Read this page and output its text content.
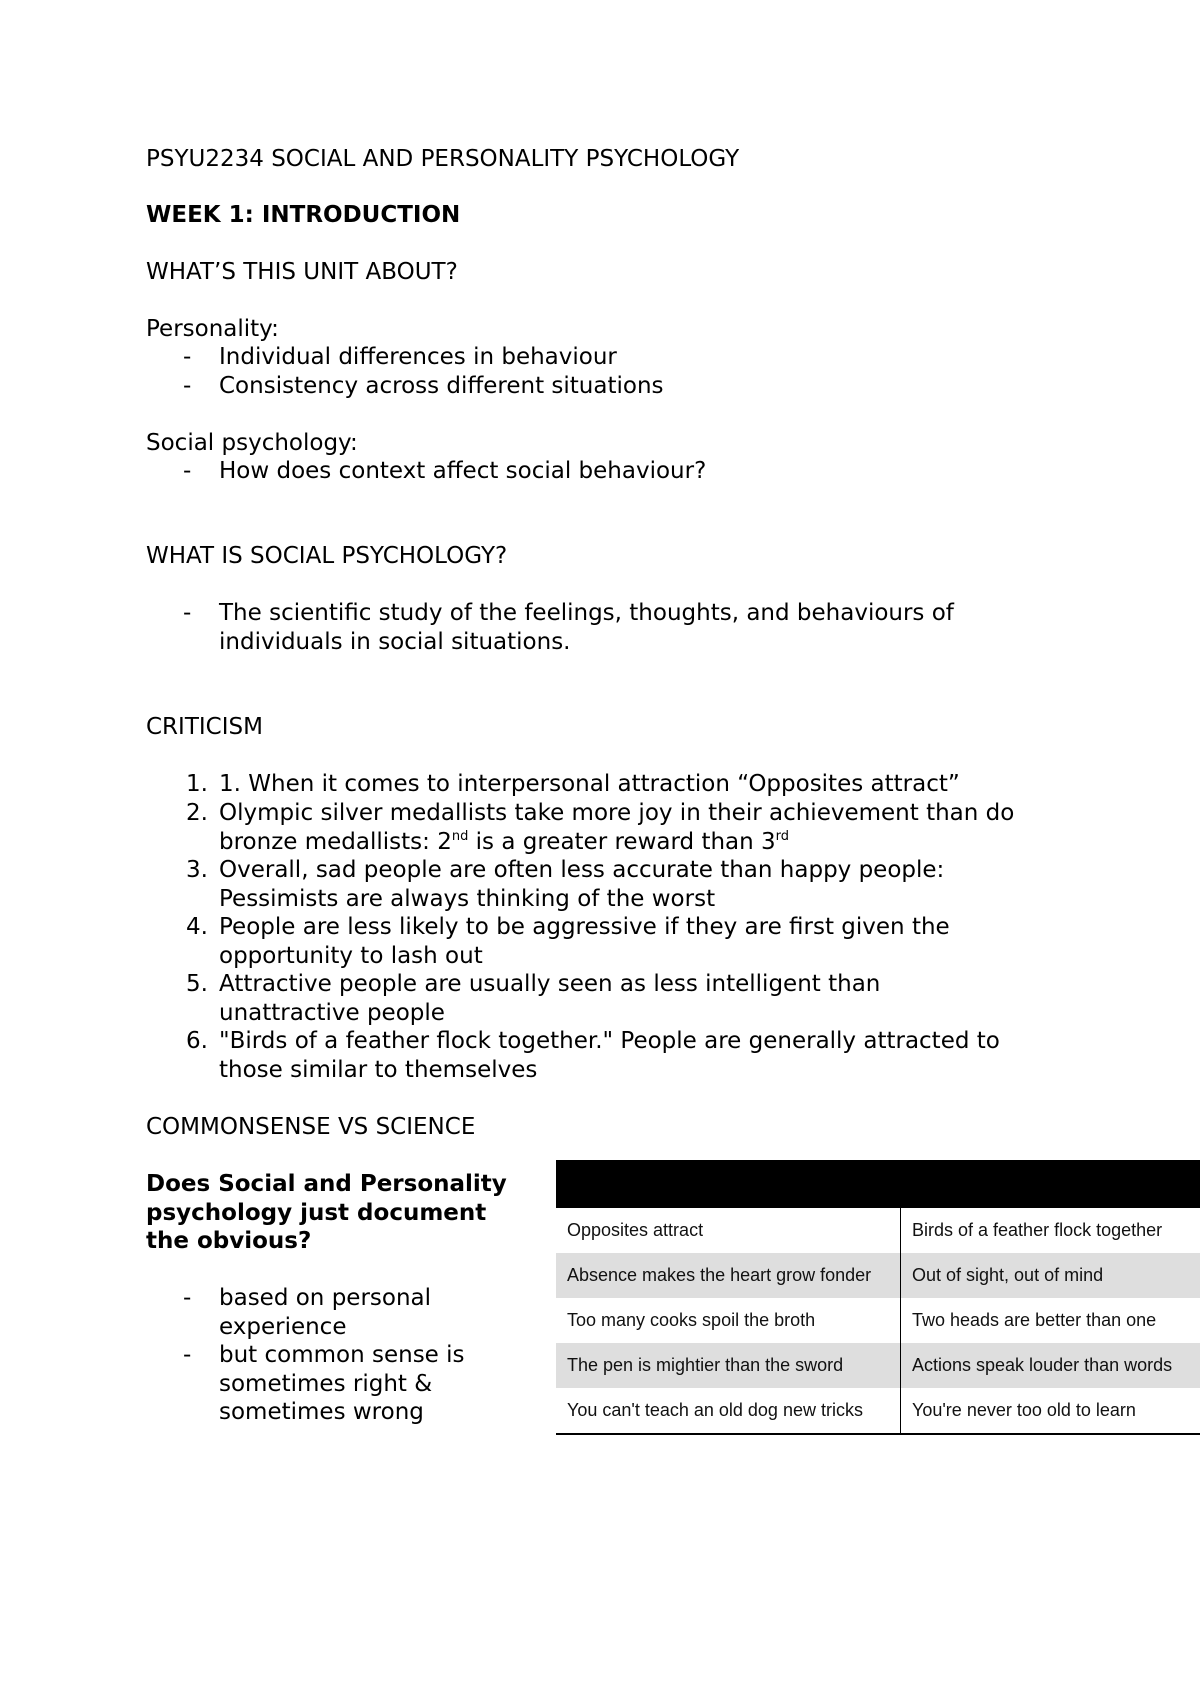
PSYU2234 SOCIAL AND PERSONALITY PSYCHOLOGY

WEEK 1: INTRODUCTION

WHAT’S THIS UNIT ABOUT?

Personality:

- Individual differences in behaviour

- Consistency across different situations

Social psychology:

- How does context affect social behaviour?

WHAT IS SOCIAL PSYCHOLOGY?

- The scientific study of the feelings, thoughts, and behaviours of

individuals in social situations.

CRITICISM

1. 1. When it comes to interpersonal attraction “Opposites attract”

2. Olympic silver medallists take more joy in their achievement than do

bronze medallists: 2nd is a greater reward than 3rd

3. Overall, sad people are often less accurate than happy people:

Pessimists are always thinking of the worst

4. People are less likely to be aggressive if they are first given the

opportunity to lash out

5. Attractive people are usually seen as less intelligent than

unattractive people

6. "Birds of a feather flock together." People are generally attracted to

those similar to themselves

COMMONSENSE VS SCIENCE

Does Social and Personality

psychology just document

the obvious?

- based on personal

experience

- but common sense is

sometimes right &

sometimes wrong

Opposites attract	Birds of a feather flock together
Absence makes the heart grow fonder	Out of sight, out of mind
Too many cooks spoil the broth	Two heads are better than one
The pen is mightier than the sword	Actions speak louder than words
You can't teach an old dog new tricks	You're never too old to learn
